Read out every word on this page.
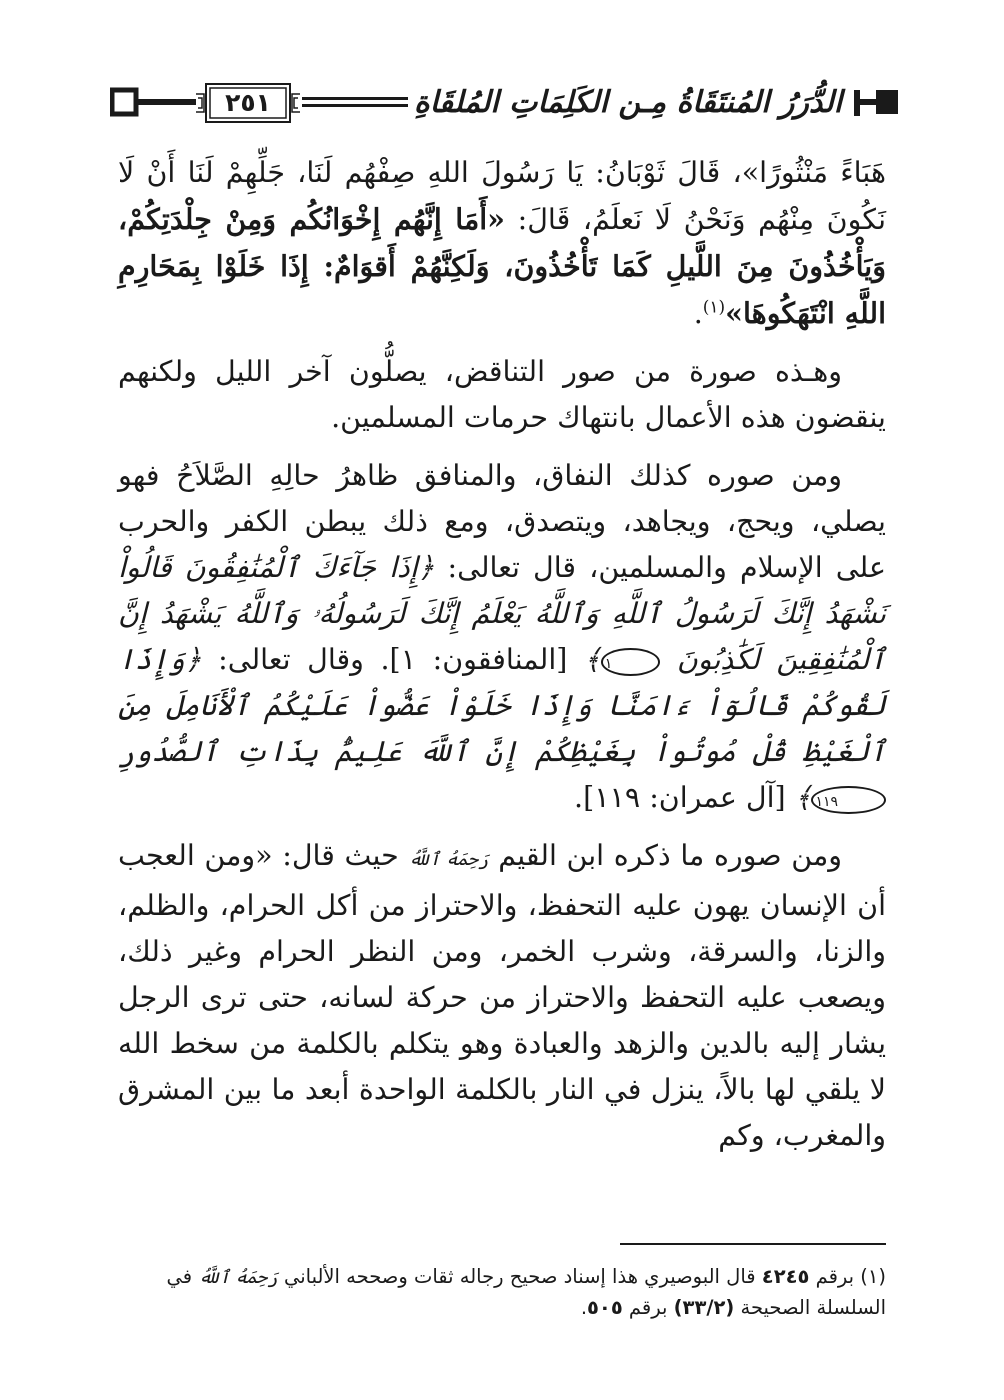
٢٥١	الدُّرَرُ المُنتَقَاةُ مِـن الكَلِمَاتِ المُلقَاةِ

هَبَاءً مَنْثُورًا»، قَالَ ثَوْبَانُ: يَا رَسُولَ اللهِ صِفْهُم لَنَا، جَلِّهِمْ لَنَا أَنْ لَا نَكُونَ مِنْهُم وَنَحْنُ لَا نَعلَمُ، قَالَ: «أَمَا إِنَّهُم إِخْوَانُكُم وَمِنْ جِلْدَتِكُمْ، وَيَأْخُذُونَ مِنَ اللَّيلِ كَمَا تَأْخُذُونَ، وَلَكِنَّهُمْ أَقوَامٌ: إِذَا خَلَوْا بِمَحَارِمِ اللَّهِ انْتَهَكُوهَا»$^{(١)}$.

وهـذه صورة من صور التناقض، يصلُّون آخر الليل ولكنهم ينقضون هذه الأعمال بانتهاك حرمات المسلمين.

ومن صوره كذلك النفاق، والمنافق ظاهرُ حالِهِ الصَّلاَحُ فهو يصلي، ويحج، ويجاهد، ويتصدق، ومع ذلك يبطن الكفر والحرب على الإسلام والمسلمين، قال تعالى: ﴿إِذَا جَآءَكَ ٱلْمُنَٰفِقُونَ قَالُواْ نَشْهَدُ إِنَّكَ لَرَسُولُ ٱللَّهِ وَٱللَّهُ يَعْلَمُ إِنَّكَ لَرَسُولُهُۥ وَٱللَّهُ يَشْهَدُ إِنَّ ٱلْمُنَٰفِقِينَ لَكَٰذِبُونَ ١﴾ [المنافقون: ١]. وقال تعالى: ﴿وَإِذَا لَقُوكُمْ قَالُوٓاْ ءَامَنَّا وَإِذَا خَلَوْاْ عَضُّواْ عَلَيْكُمُ ٱلْأَنَامِلَ مِنَ ٱلْغَيْظِ قُلْ مُوتُواْ بِغَيْظِكُمْ إِنَّ ٱللَّهَ عَلِيمٌۢ بِذَاتِ ٱلصُّدُورِ ١١٩﴾ [آل عمران: ١١٩].

ومن صوره ما ذكره ابن القيم رَحِمَهُ ٱللَّهُ حيث قال: «ومن العجب أن الإنسان يهون عليه التحفظ، والاحتراز من أكل الحرام، والظلم، والزنا، والسرقة، وشرب الخمر، ومن النظر الحرام وغير ذلك، ويصعب عليه التحفظ والاحتراز من حركة لسانه، حتى ترى الرجل يشار إليه بالدين والزهد والعبادة وهو يتكلم بالكلمة من سخط الله لا يلقي لها بالاً، ينزل في النار بالكلمة الواحدة أبعد ما بين المشرق والمغرب، وكم

(١) برقم ٤٢٤٥ قال البوصيري هذا إسناد صحيح رجاله ثقات وصححه الألباني رَحِمَهُ ٱللَّهُ في السلسلة الصحيحة (٣٣/٢) برقم ٥٠٥.
